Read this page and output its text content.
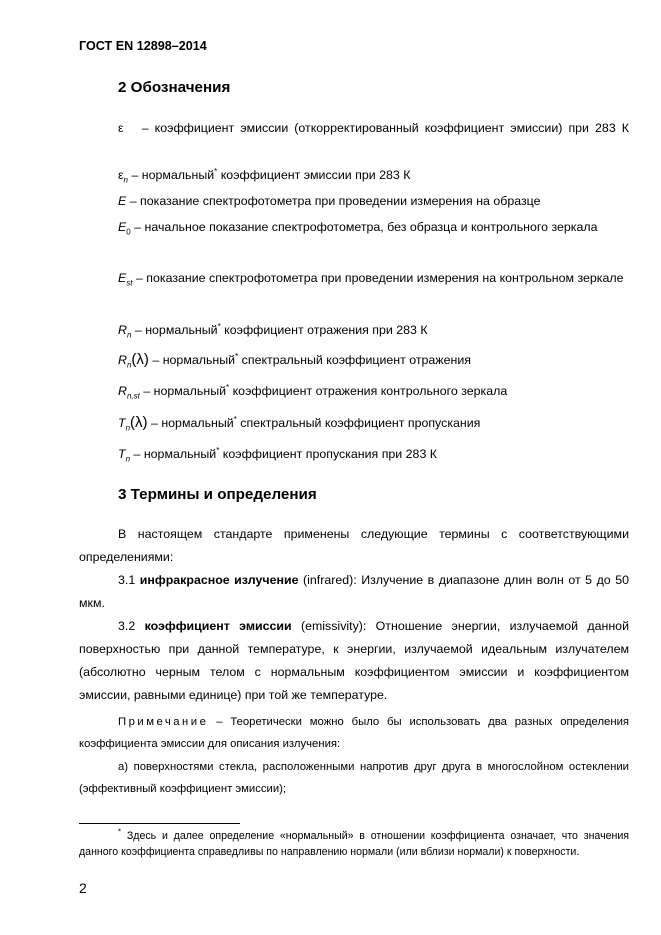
ГОСТ EN 12898–2014
2 Обозначения
ε – коэффициент эмиссии (откорректированный коэффициент эмиссии) при 283 К
$\varepsilon_n$ – нормальный* коэффициент эмиссии при 283 К
E – показание спектрофотометра при проведении измерения на образце
$E_0$ – начальное показание спектрофотометра, без образца и контрольного зеркала
$E_{st}$ – показание спектрофотометра при проведении измерения на контрольном зеркале
$R_n$ – нормальный* коэффициент отражения при 283 К
$R_n(\lambda)$ – нормальный* спектральный коэффициент отражения
$R_{n,st}$ – нормальный* коэффициент отражения контрольного зеркала
$T_n(\lambda)$ – нормальный* спектральный коэффициент пропускания
$T_n$ – нормальный* коэффициент пропускания при 283 К
3 Термины и определения
В настоящем стандарте применены следующие термины с соответствующими определениями:
3.1 инфракрасное излучение (infrared): Излучение в диапазоне длин волн от 5 до 50 мкм.
3.2 коэффициент эмиссии (emissivity): Отношение энергии, излучаемой данной поверхностью при данной температуре, к энергии, излучаемой идеальным излучателем (абсолютно черным телом с нормальным коэффициентом эмиссии и коэффициентом эмиссии, равными единице) при той же температуре.
Примечание – Теоретически можно было бы использовать два разных определения коэффициента эмиссии для описания излучения:
а) поверхностями стекла, расположенными напротив друг друга в многослойном остеклении (эффективный коэффициент эмиссии);
* Здесь и далее определение «нормальный» в отношении коэффициента означает, что значения данного коэффициента справедливы по направлению нормали (или вблизи нормали) к поверхности.
2
